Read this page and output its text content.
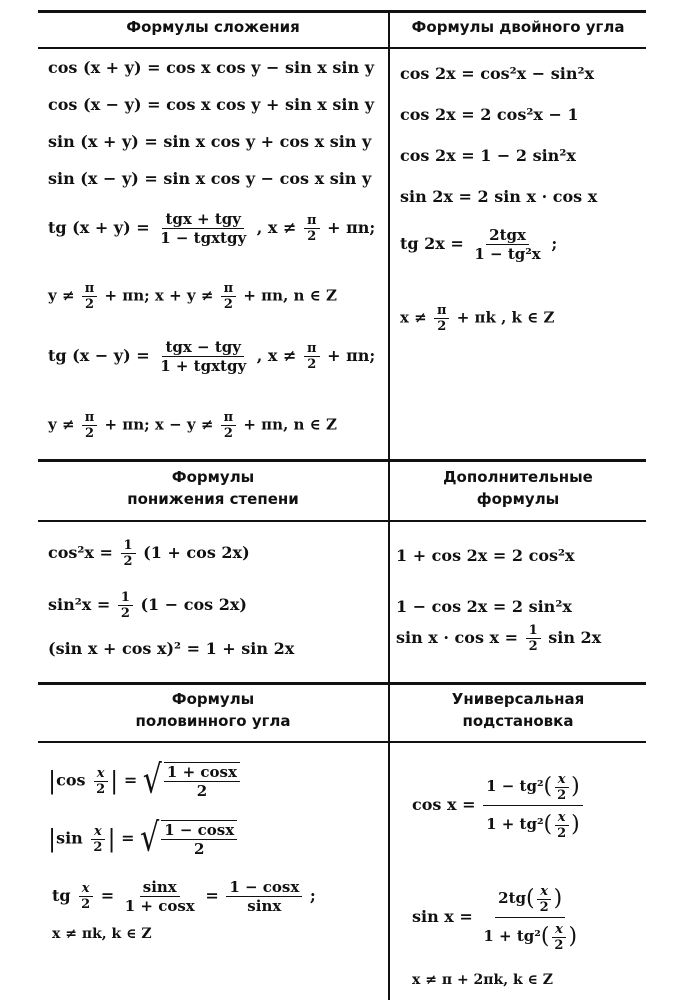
Формулы сложения	Формулы двойного угла
Формулы
понижения степени
Дополнительные
формулы
Формулы
половинного угла
Универсальная
подстановка
cos (x + y) = cos x cos y − sin x sin y
cos (x − y) = cos x cos y + sin x sin y
sin (x + y) = sin x cos y + cos x sin y
sin (x − y) = sin x cos y − cos x sin y
tg (x + y) = tgx + tgy
1 − tgxtgy
, $x \ne \frac{\pi}{2} + \pi n$;
$y \ne \frac{\pi}{2} + \pi n$; $x + y \ne \frac{\pi}{2} + \pi n$, n ∈ Z
tg (x − y) = tgx − tgy
1 + tgxtgy
, $x \ne \frac{\pi}{2} + \pi n$;
$y \ne \frac{\pi}{2} + \pi n$; $x - y \ne \frac{\pi}{2} + \pi n$, n ∈ Z
cos 2x = cos²x − sin²x
cos 2x = 2 cos²x − 1
cos 2x = 1 − 2 sin²x
sin 2x = 2 sin x · cos x
tg 2x = 2tgx
1 − tg²x
;
$x \ne \frac{\pi}{2} + \pi k$ , k ∈ Z
$\cos^2x = \frac{1}{2} (1 + \cos 2x)$
$\sin^2x = \frac{1}{2} (1 - \cos 2x)$
(sin x + cos x)² = 1 + sin 2x
1 + cos 2x = 2 cos²x
1 − cos 2x = 2 sin²x
$\sin x \cdot \cos x = \frac{1}{2}$ sin 2x
$|\cos \frac{x}{2}$ | = √ $\frac{1 + \cos x}{2}$
$|\sin \frac{x}{2}$ | = √ $\frac{1 - \cos x}{2}$
tg $\frac{x}{2} = \frac{\sin x}{1 + \cos x} = \frac{1 - \cos x}{\sin x}$ ;
x ≠ πk, k ∈ Z
$\cos x = \frac{1 - tg^2( \frac{x}{2} )}{1 + tg^2( \frac{x}{2} )}$
$\sin x = \frac{2tg( \frac{x}{2} )}{1 + tg^2( \frac{x}{2} )}$
x ≠ π + 2πk, k ∈ Z
